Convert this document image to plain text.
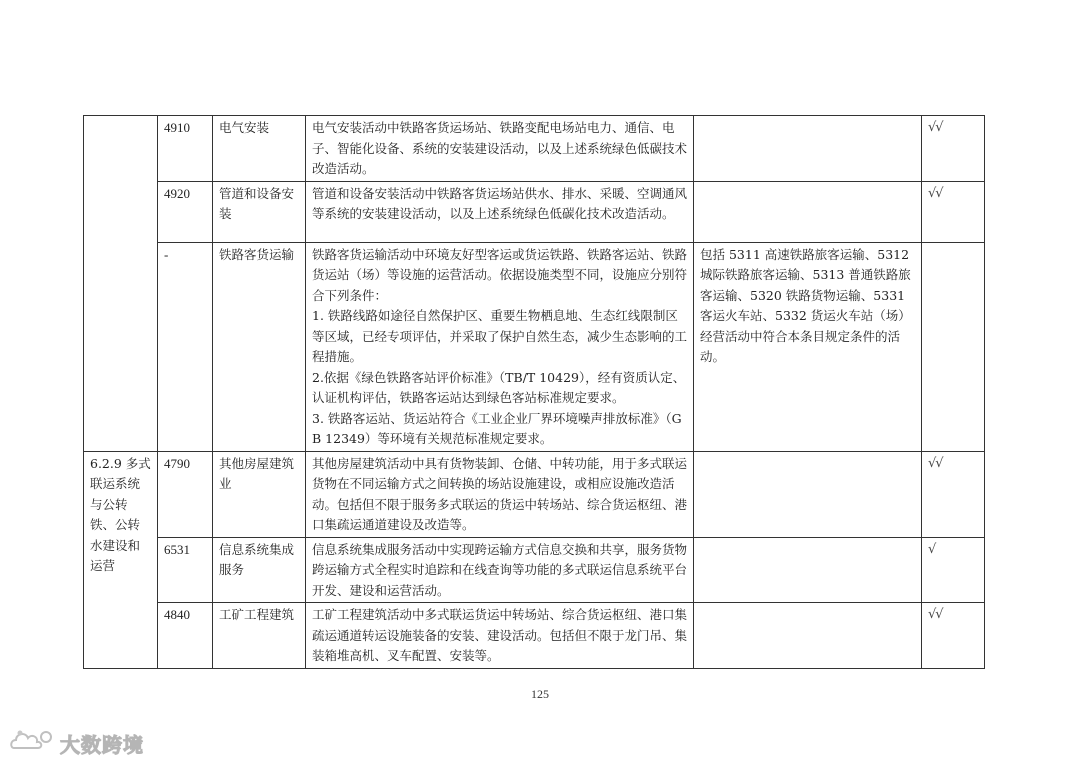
	4910	电气安装	电气安装活动中铁路客货运场站、铁路变配电场站电力、通信、电子、智能化设备、系统的安装建设活动，以及上述系统绿色低碳技术改造活动。		√√
	4920	管道和设备安装	管道和设备安装活动中铁路客货运场站供水、排水、采暖、空调通风等系统的安装建设活动，以及上述系统绿色低碳化技术改造活动。		√√
	-	铁路客货运输	铁路客货运输活动中环境友好型客运或货运铁路、铁路客运站、铁路货运站（场）等设施的运营活动。依据设施类型不同，设施应分别符合下列条件：
1. 铁路线路如途径自然保护区、重要生物栖息地、生态红线限制区等区域，已经专项评估，并采取了保护自然生态，减少生态影响的工程措施。
2.依据《绿色铁路客站评价标准》（TB/T 10429），经有资质认定、认证机构评估，铁路客运站达到绿色客站标准规定要求。
3. 铁路客运站、货运站符合《工业企业厂界环境噪声排放标准》（GB 12349）等环境有关规范标准规定要求。	包括 5311 高速铁路旅客运输、5312 城际铁路旅客运输、5313 普通铁路旅客运输、5320 铁路货物运输、5331 客运火车站、5332 货运火车站（场）经营活动中符合本条目规定条件的活动。	
6.2.9 多式联运系统与公转铁、公转水建设和运营	4790	其他房屋建筑业	其他房屋建筑活动中具有货物装卸、仓储、中转功能，用于多式联运货物在不同运输方式之间转换的场站设施建设，或相应设施改造活动。包括但不限于服务多式联运的货运中转场站、综合货运枢纽、港口集疏运通道建设及改造等。		√√
	6531	信息系统集成服务	信息系统集成服务活动中实现跨运输方式信息交换和共享，服务货物跨运输方式全程实时追踪和在线查询等功能的多式联运信息系统平台开发、建设和运营活动。		√
	4840	工矿工程建筑	工矿工程建筑活动中多式联运货运中转场站、综合货运枢纽、港口集疏运通道转运设施装备的安装、建设活动。包括但不限于龙门吊、集装箱堆高机、叉车配置、安装等。		√√
125
大数跨境
